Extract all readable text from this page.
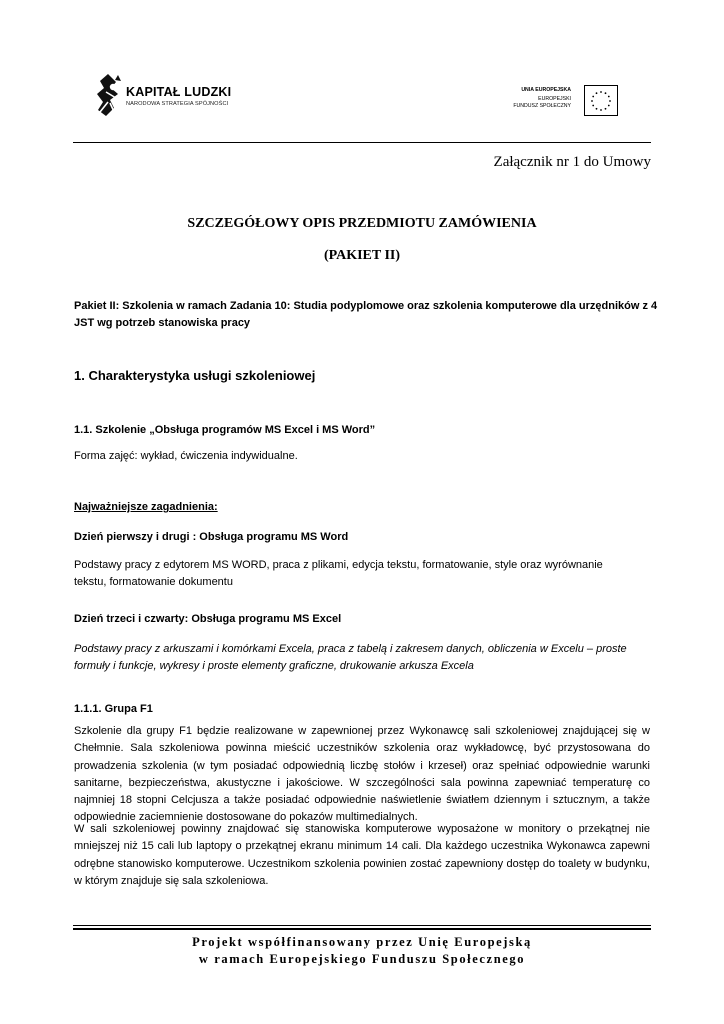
KAPITAŁ LUDZKI
NARODOWA STRATEGIA SPÓJNOŚCI
UNIA EUROPEJSKA
EUROPEJSKI
FUNDUSZ SPOŁECZNY
Załącznik nr 1 do Umowy
SZCZEGÓŁOWY OPIS PRZEDMIOTU ZAMÓWIENIA
(PAKIET II)
Pakiet II: Szkolenia w ramach Zadania 10: Studia podyplomowe oraz szkolenia komputerowe dla urzędników z 4
JST wg potrzeb stanowiska pracy
1. Charakterystyka usługi szkoleniowej
1.1. Szkolenie „Obsługa programów MS Excel i MS Word”
Forma zajęć: wykład, ćwiczenia indywidualne.
Najważniejsze zagadnienia:
Dzień pierwszy i drugi : Obsługa programu MS Word
Podstawy pracy z edytorem MS WORD, praca z plikami, edycja tekstu, formatowanie, style oraz wyrównanie tekstu, formatowanie dokumentu
Dzień trzeci i czwarty: Obsługa programu MS Excel
Podstawy pracy z arkuszami i komórkami Excela, praca z tabelą i zakresem danych, obliczenia w Excelu – proste formuły i funkcje, wykresy i proste elementy graficzne, drukowanie arkusza Excela
1.1.1. Grupa F1
Szkolenie dla grupy F1 będzie realizowane w zapewnionej przez Wykonawcę sali szkoleniowej znajdującej się w Chełmnie. Sala szkoleniowa powinna mieścić uczestników szkolenia oraz wykładowcę, być przystosowana do prowadzenia szkolenia (w tym posiadać odpowiednią liczbę stołów i krzeseł) oraz spełniać odpowiednie warunki sanitarne, bezpieczeństwa, akustyczne i jakościowe. W szczególności sala powinna zapewniać temperaturę co najmniej 18 stopni Celcjusza a także posiadać odpowiednie naświetlenie światłem dziennym i sztucznym, a także odpowiednie zaciemnienie dostosowane do pokazów multimedialnych.
W sali szkoleniowej powinny znajdować się stanowiska komputerowe wyposażone w monitory o przekątnej nie mniejszej niż 15 cali lub laptopy o przekątnej ekranu minimum 14 cali. Dla każdego uczestnika Wykonawca zapewni odrębne stanowisko komputerowe. Uczestnikom szkolenia powinien zostać zapewniony dostęp do toalety w budynku, w którym znajduje się sala szkoleniowa.
Projekt współfinansowany przez Unię Europejską
w ramach Europejskiego Funduszu Społecznego
